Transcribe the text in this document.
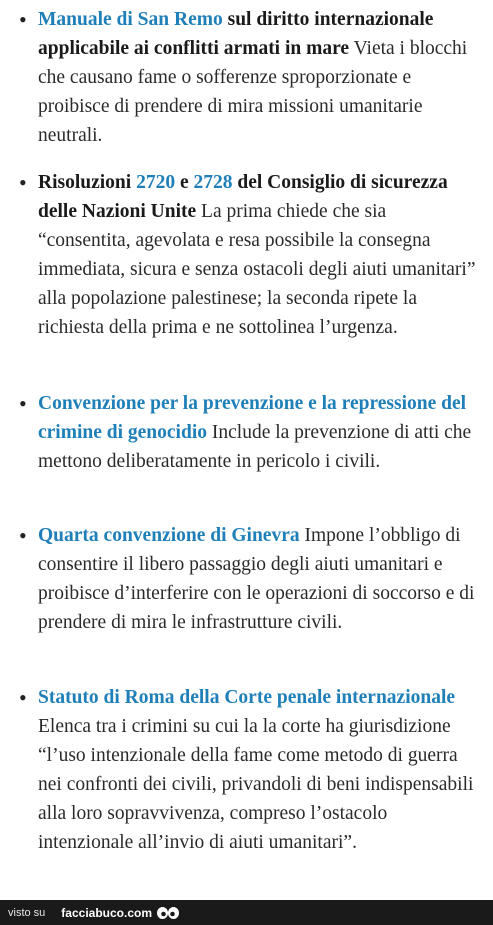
• Manuale di San Remo sul diritto internazionale applicabile ai conflitti armati in mare Vieta i blocchi che causano fame o sofferenze sproporzionate e proibisce di prendere di mira missioni umanitarie neutrali.
• Risoluzioni 2720 e 2728 del Consiglio di sicurezza delle Nazioni Unite La prima chiede che sia “consentita, agevolata e resa possibile la consegna immediata, sicura e senza ostacoli degli aiuti umanitari” alla popolazione palestinese; la seconda ripete la richiesta della prima e ne sottolinea l’urgenza.
• Convenzione per la prevenzione e la repressione del crimine di genocidio Include la prevenzione di atti che mettono deliberatamente in pericolo i civili.
• Quarta convenzione di Ginevra Impone l’obbligo di consentire il libero passaggio degli aiuti umanitari e proibisce d’interferire con le operazioni di soccorso e di prendere di mira le infrastrutture civili.
• Statuto di Roma della Corte penale internazionale Elenca tra i crimini su cui la la corte ha giurisdizione “l’uso intenzionale della fame come metodo di guerra nei confronti dei civili, privandoli di beni indispensabili alla loro sopravvivenza, compreso l’ostacolo intenzionale all’invio di aiuti umanitari”.
visto su facciabuco.com
